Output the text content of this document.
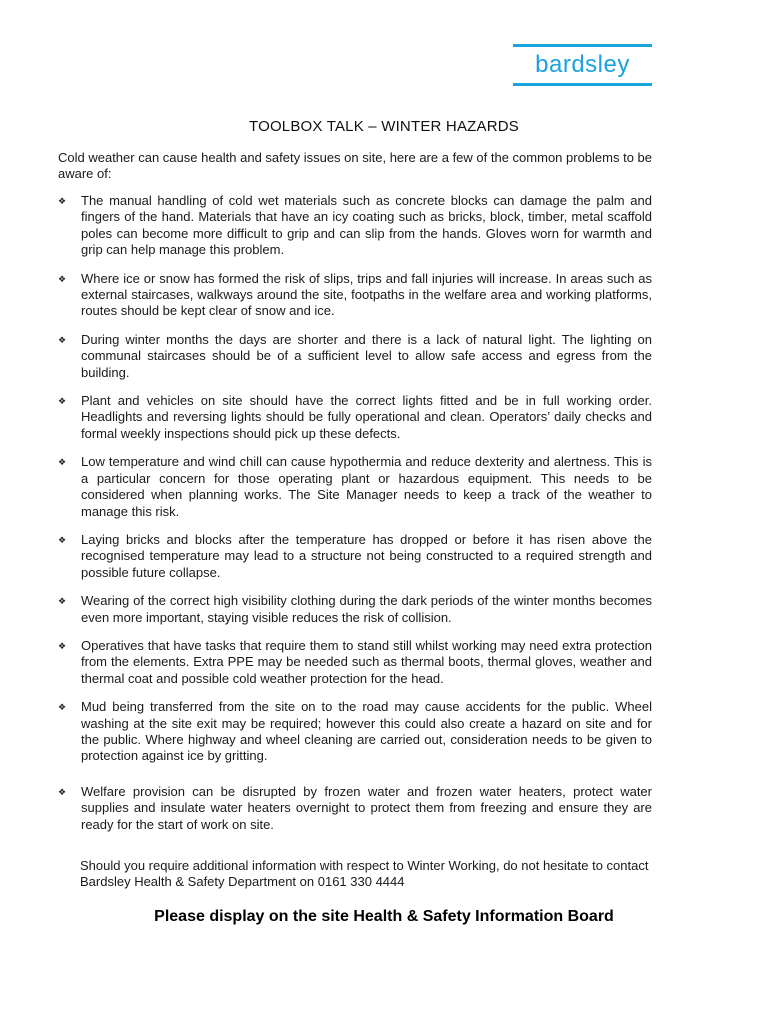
bardsley
TOOLBOX TALK – WINTER HAZARDS
Cold weather can cause health and safety issues on site, here are a few of the common problems to be aware of:
❖ The manual handling of cold wet materials such as concrete blocks can damage the palm and fingers of the hand. Materials that have an icy coating such as bricks, block, timber, metal scaffold poles can become more difficult to grip and can slip from the hands. Gloves worn for warmth and grip can help manage this problem.
❖ Where ice or snow has formed the risk of slips, trips and fall injuries will increase. In areas such as external staircases, walkways around the site, footpaths in the welfare area and working platforms, routes should be kept clear of snow and ice.
❖ During winter months the days are shorter and there is a lack of natural light. The lighting on communal staircases should be of a sufficient level to allow safe access and egress from the building.
❖ Plant and vehicles on site should have the correct lights fitted and be in full working order. Headlights and reversing lights should be fully operational and clean. Operators’ daily checks and formal weekly inspections should pick up these defects.
❖ Low temperature and wind chill can cause hypothermia and reduce dexterity and alertness. This is a particular concern for those operating plant or hazardous equipment. This needs to be considered when planning works. The Site Manager needs to keep a track of the weather to manage this risk.
❖ Laying bricks and blocks after the temperature has dropped or before it has risen above the recognised temperature may lead to a structure not being constructed to a required strength and possible future collapse.
❖ Wearing of the correct high visibility clothing during the dark periods of the winter months becomes even more important, staying visible reduces the risk of collision.
❖ Operatives that have tasks that require them to stand still whilst working may need extra protection from the elements. Extra PPE may be needed such as thermal boots, thermal gloves, weather and thermal coat and possible cold weather protection for the head.
❖ Mud being transferred from the site on to the road may cause accidents for the public. Wheel washing at the site exit may be required; however this could also create a hazard on site and for the public. Where highway and wheel cleaning are carried out, consideration needs to be given to protection against ice by gritting.
❖ Welfare provision can be disrupted by frozen water and frozen water heaters, protect water supplies and insulate water heaters overnight to protect them from freezing and ensure they are ready for the start of work on site.
Should you require additional information with respect to Winter Working, do not hesitate to contact Bardsley Health & Safety Department on 0161 330 4444
Please display on the site Health & Safety Information Board
